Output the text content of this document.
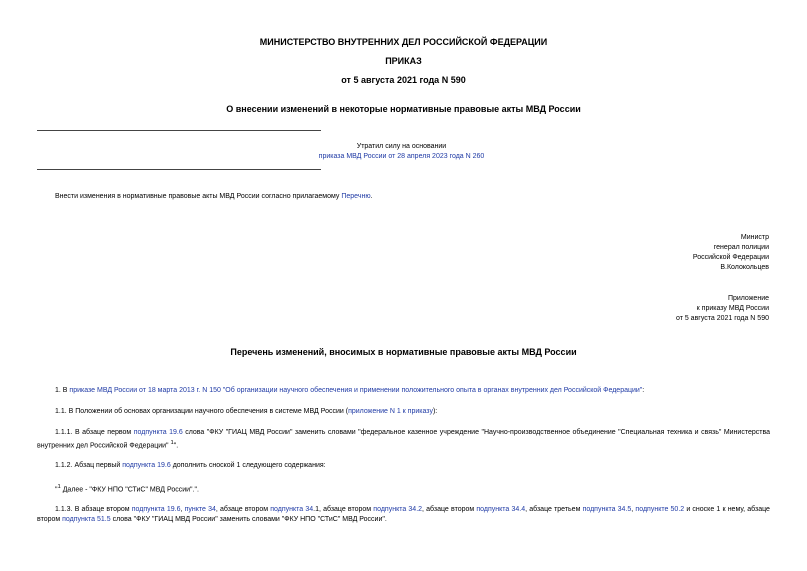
МИНИСТЕРСТВО ВНУТРЕННИХ ДЕЛ РОССИЙСКОЙ ФЕДЕРАЦИИ
ПРИКАЗ
от 5 августа 2021 года N 590
О внесении изменений в некоторые нормативные правовые акты МВД России
Утратил силу на основании
приказа МВД России от 28 апреля 2023 года N 260
Внести изменения в нормативные правовые акты МВД России согласно прилагаемому Перечню.
Министр
генерал полиции
Российской Федерации
В.Колокольцев
Приложение
к приказу МВД России
от 5 августа 2021 года N 590
Перечень изменений, вносимых в нормативные правовые акты МВД России
1. В приказе МВД России от 18 марта 2013 г. N 150 "Об организации научного обеспечения и применении положительного опыта в органах внутренних дел Российской Федерации":
1.1. В Положении об основах организации научного обеспечения в системе МВД России (приложение N 1 к приказу):
1.1.1. В абзаце первом подпункта 19.6 слова "ФКУ "ГИАЦ МВД России" заменить словами "федеральное казенное учреждение "Научно-производственное объединение "Специальная техника и связь" Министерства внутренних дел Российской Федерации" $^1$".
1.1.2. Абзац первый подпункта 19.6 дополнить сноской 1 следующего содержания:
"$^1$ Далее - "ФКУ НПО "СТиС" МВД России".".
1.1.3. В абзаце втором подпункта 19.6, пункте 34, абзаце втором подпункта 34.1, абзаце втором подпункта 34.2, абзаце втором подпункта 34.4, абзаце третьем подпункта 34.5, подпункте 50.2 и сноске 1 к нему, абзаце втором подпункта 51.5 слова "ФКУ "ГИАЦ МВД России" заменить словами "ФКУ НПО "СТиС" МВД России".
